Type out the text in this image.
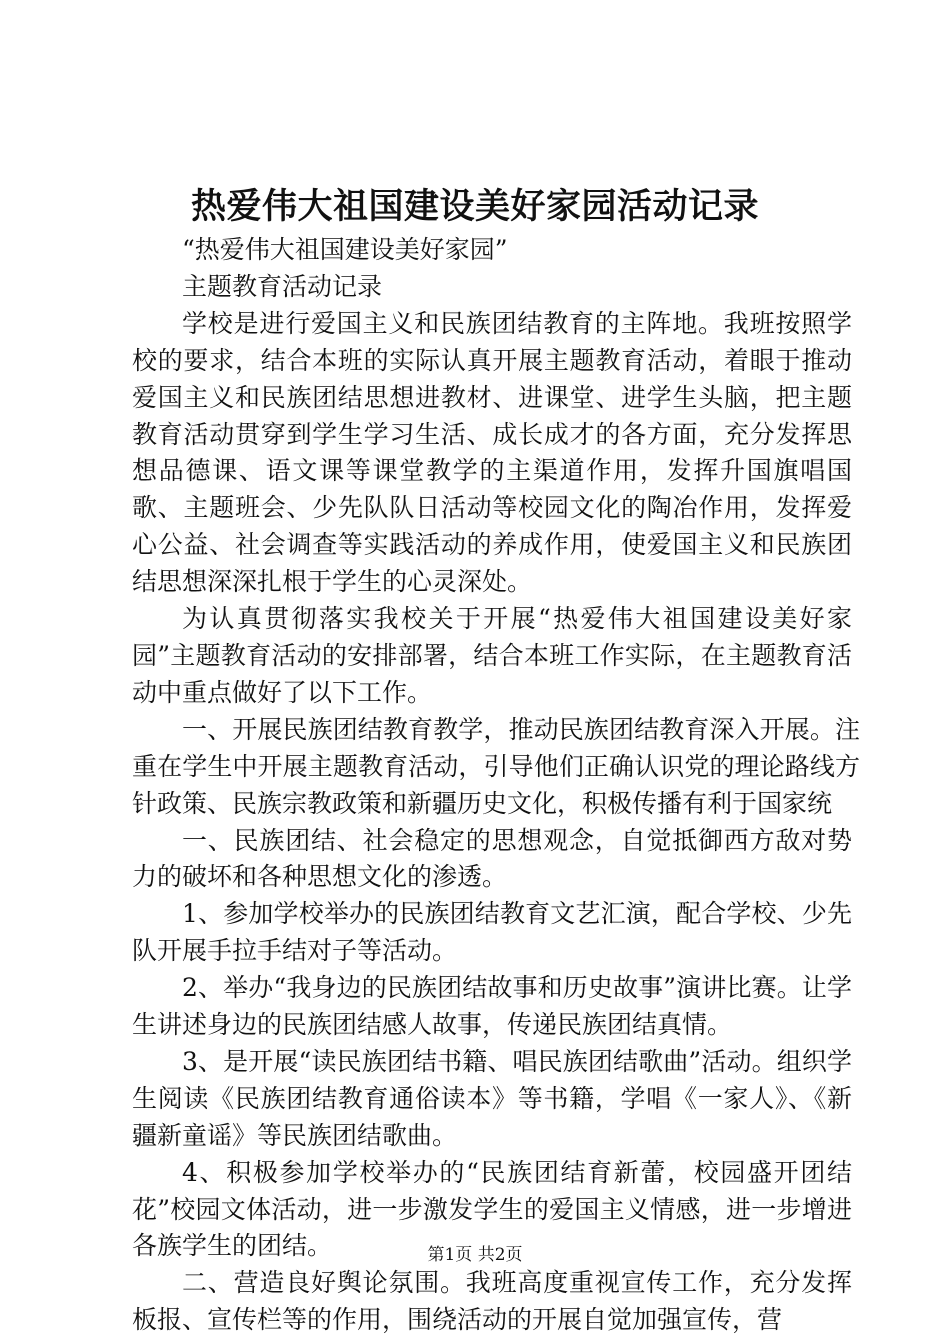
热爱伟大祖国建设美好家园活动记录

“热爱伟大祖国建设美好家园”

主题教育活动记录

学校是进行爱国主义和民族团结教育的主阵地。我班按照学校的要求，结合本班的实际认真开展主题教育活动，着眼于推动爱国主义和民族团结思想进教材、进课堂、进学生头脑，把主题教育活动贯穿到学生学习生活、成长成才的各方面，充分发挥思想品德课、语文课等课堂教学的主渠道作用，发挥升国旗唱国歌、主题班会、少先队队日活动等校园文化的陶冶作用，发挥爱心公益、社会调查等实践活动的养成作用，使爱国主义和民族团结思想深深扎根于学生的心灵深处。

为认真贯彻落实我校关于开展“热爱伟大祖国建设美好家园”主题教育活动的安排部署，结合本班工作实际，在主题教育活动中重点做好了以下工作。

一、开展民族团结教育教学，推动民族团结教育深入开展。注重在学生中开展主题教育活动，引导他们正确认识党的理论路线方针政策、民族宗教政策和新疆历史文化，积极传播有利于国家统

一、民族团结、社会稳定的思想观念，自觉抵御西方敌对势力的破坏和各种思想文化的渗透。

1、参加学校举办的民族团结教育文艺汇演，配合学校、少先队开展手拉手结对子等活动。

2、举办“我身边的民族团结故事和历史故事”演讲比赛。让学生讲述身边的民族团结感人故事，传递民族团结真情。

3、是开展“读民族团结书籍、唱民族团结歌曲”活动。组织学生阅读《民族团结教育通俗读本》等书籍，学唱《一家人》、《新疆新童谣》等民族团结歌曲。

4、积极参加学校举办的“民族团结育新蕾，校园盛开团结花”校园文体活动，进一步激发学生的爱国主义情感，进一步增进各族学生的团结。

二、营造良好舆论氛围。我班高度重视宣传工作，充分发挥板报、宣传栏等的作用，围绕活动的开展自觉加强宣传，营

第1页 共2页
